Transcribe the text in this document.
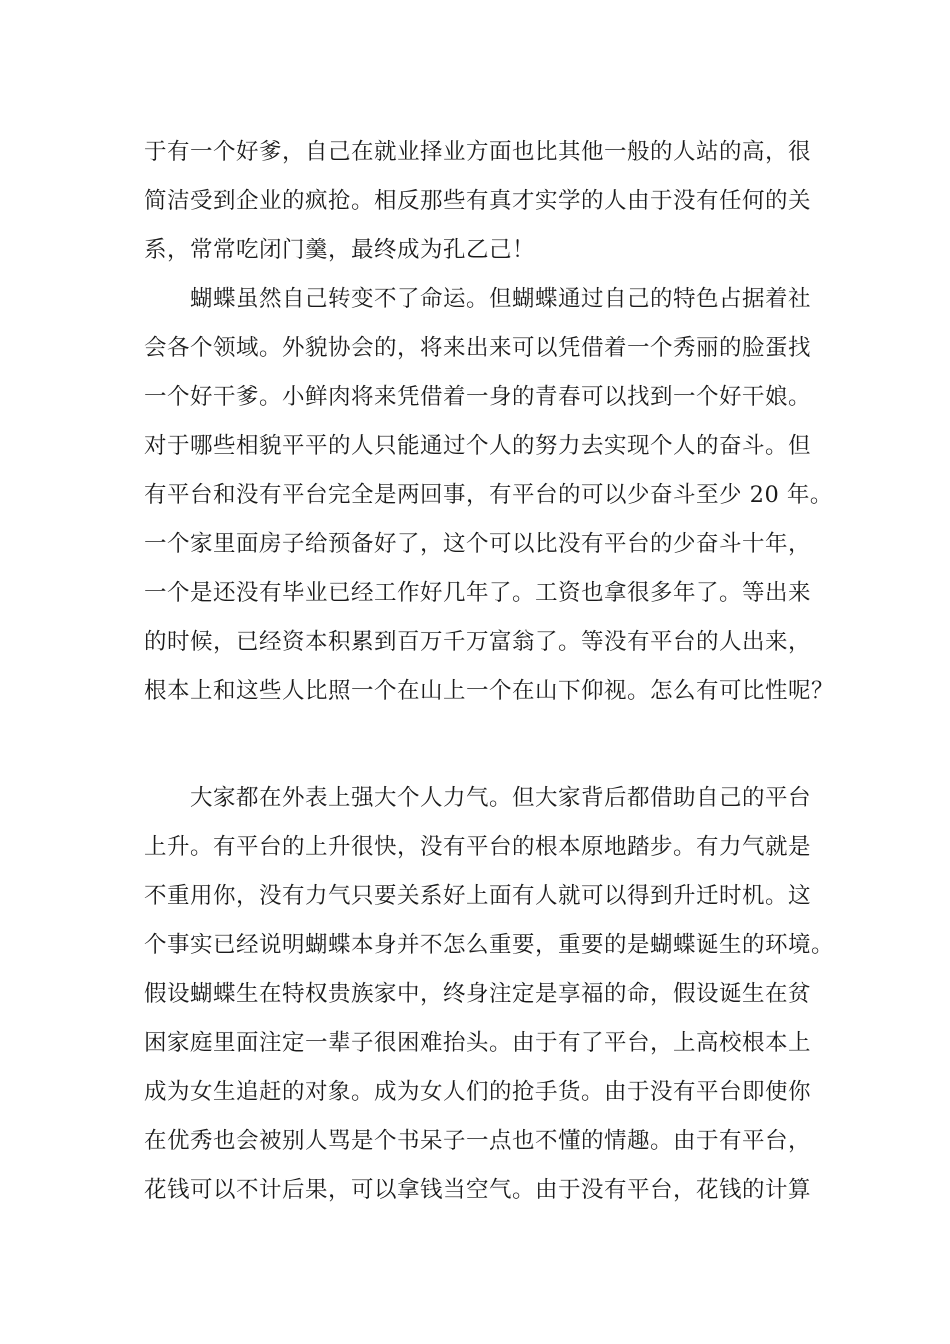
于有一个好爹，自己在就业择业方面也比其他一般的人站的高，很
简洁受到企业的疯抢。相反那些有真才实学的人由于没有任何的关
系，常常吃闭门羹，最终成为孔乙己！
蝴蝶虽然自己转变不了命运。但蝴蝶通过自己的特色占据着社
会各个领域。外貌协会的，将来出来可以凭借着一个秀丽的脸蛋找
一个好干爹。小鲜肉将来凭借着一身的青春可以找到一个好干娘。
对于哪些相貌平平的人只能通过个人的努力去实现个人的奋斗。但
有平台和没有平台完全是两回事，有平台的可以少奋斗至少 20 年。
一个家里面房子给预备好了，这个可以比没有平台的少奋斗十年，
一个是还没有毕业已经工作好几年了。工资也拿很多年了。等出来
的时候，已经资本积累到百万千万富翁了。等没有平台的人出来，
根本上和这些人比照一个在山上一个在山下仰视。怎么有可比性呢？
大家都在外表上强大个人力气。但大家背后都借助自己的平台
上升。有平台的上升很快，没有平台的根本原地踏步。有力气就是
不重用你，没有力气只要关系好上面有人就可以得到升迁时机。这
个事实已经说明蝴蝶本身并不怎么重要，重要的是蝴蝶诞生的环境。
假设蝴蝶生在特权贵族家中，终身注定是享福的命，假设诞生在贫
困家庭里面注定一辈子很困难抬头。由于有了平台，上高校根本上
成为女生追赶的对象。成为女人们的抢手货。由于没有平台即使你
在优秀也会被别人骂是个书呆子一点也不懂的情趣。由于有平台，
花钱可以不计后果，可以拿钱当空气。由于没有平台，花钱的计算
